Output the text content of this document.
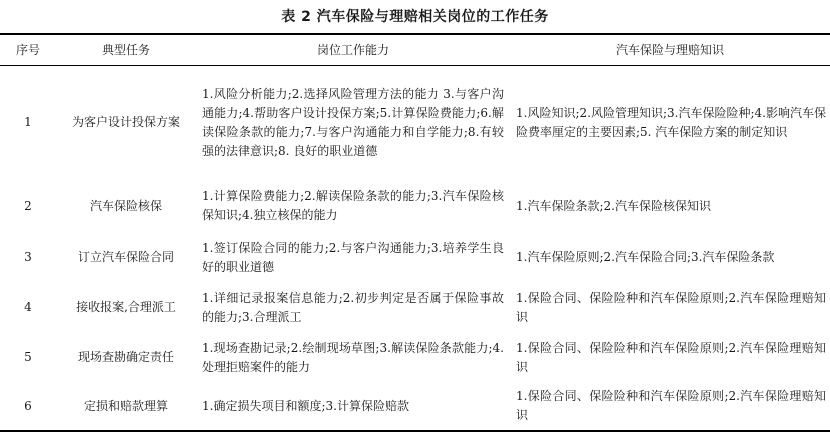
表 2 汽车保险与理赔相关岗位的工作任务
序号	典型任务	岗位工作能力	汽车保险与理赔知识
1	为客户设计投保方案	1.风险分析能力;2.选择风险管理方法的能力 3.与客户沟通能力;4.帮助客户设计投保方案;5.计算保险费能力;6.解读保险条款的能力;7.与客户沟通能力和自学能力;8.有较强的法律意识;8. 良好的职业道德	1.风险知识;2.风险管理知识;3.汽车保险险种;4.影响汽车保险费率厘定的主要因素;5. 汽车保险方案的制定知识
2	汽车保险核保	1.计算保险费能力;2.解读保险条款的能力;3.汽车保险核保知识;4.独立核保的能力	1.汽车保险条款;2.汽车保险核保知识
3	订立汽车保险合同	1.签订保险合同的能力;2.与客户沟通能力;3.培养学生良好的职业道德	1.汽车保险原则;2.汽车保险合同;3.汽车保险条款
4	接收报案,合理派工	1.详细记录报案信息能力;2.初步判定是否属于保险事故的能力;3.合理派工	1.保险合同、保险险种和汽车保险原则;2.汽车保险理赔知识
5	现场查勘确定责任	1.现场查勘记录;2.绘制现场草图;3.解读保险条款能力;4.处理拒赔案件的能力	1.保险合同、保险险种和汽车保险原则;2.汽车保险理赔知识
6	定损和赔款理算	1.确定损失项目和额度;3.计算保险赔款	1.保险合同、保险险种和汽车保险原则;2.汽车保险理赔知识
